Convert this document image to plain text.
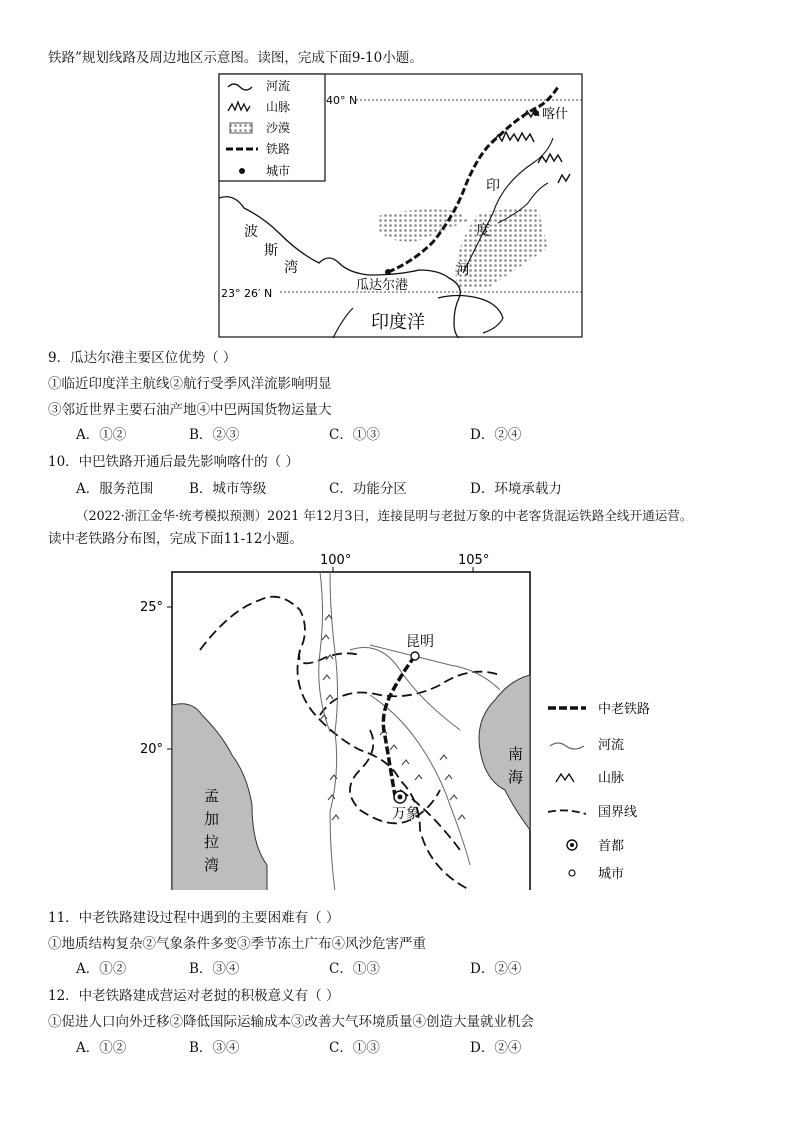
铁路”规划线路及周边地区示意图。读图，完成下面9-10小题。
河流
山脉
沙漠
铁路
城市
40° N
喀什
瓜达尔港
波
斯
湾
印
度
河
23° 26′ N
印度洋
9．瓜达尔港主要区位优势（ ）
①临近印度洋主航线②航行受季风洋流影响明显
③邻近世界主要石油产地④中巴两国货物运量大
A．①②	B．②③	C．①③	D．②④
10．中巴铁路开通后最先影响喀什的（ ）
A．服务范围	B．城市等级	C．功能分区	D．环境承载力
（2022·浙江金华·统考模拟预测）2021 年12月3日，连接昆明与老挝万象的中老客货混运铁路全线开通运营。
读中老铁路分布图，完成下面11-12小题。
100°	105°
25°
20°
昆明
万象
孟
加
拉
湾
南
海
中老铁路
河流
山脉
国界线
首都
城市
11．中老铁路建设过程中遇到的主要困难有（ ）
①地质结构复杂②气象条件多变③季节冻土广布④风沙危害严重
A．①②	B．③④	C．①③	D．②④
12．中老铁路建成营运对老挝的积极意义有（ ）
①促进人口向外迁移②降低国际运输成本③改善大气环境质量④创造大量就业机会
A．①②	B．③④	C．①③	D．②④
